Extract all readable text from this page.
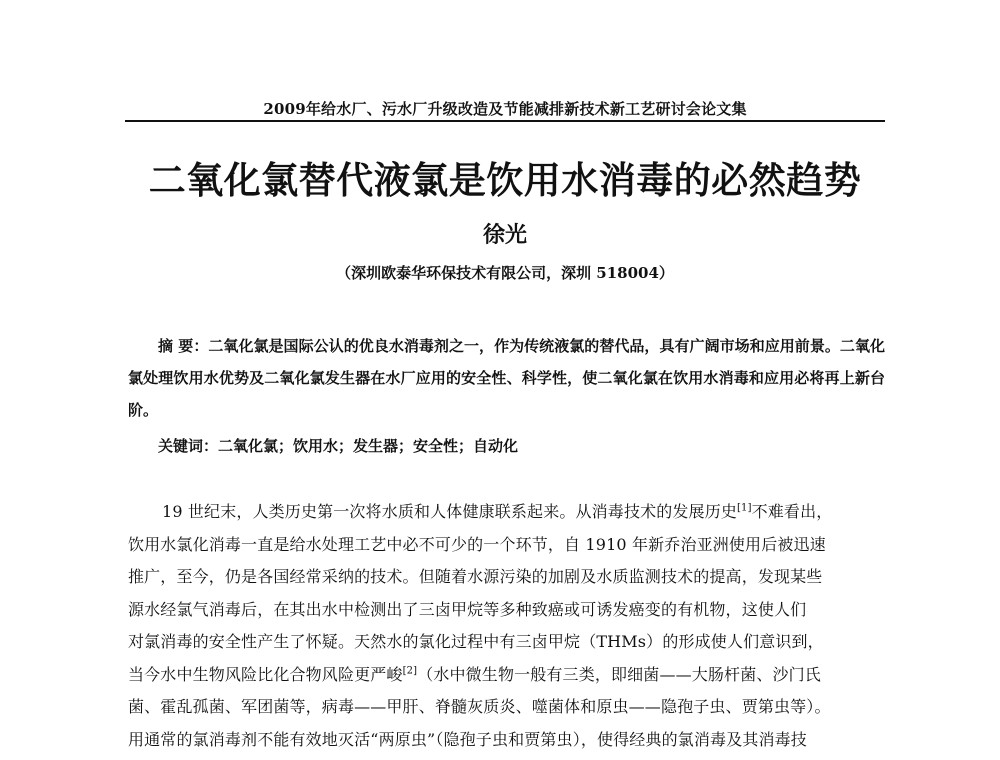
2009年给水厂、污水厂升级改造及节能减排新技术新工艺研讨会论文集
二氧化氯替代液氯是饮用水消毒的必然趋势
徐光
（深圳欧泰华环保技术有限公司，深圳 518004）
摘 要：二氧化氯是国际公认的优良水消毒剂之一，作为传统液氯的替代品，具有广阔市场和应用前景。二氧化氯处理饮用水优势及二氧化氯发生器在水厂应用的安全性、科学性，使二氧化氯在饮用水消毒和应用必将再上新台阶。
关键词：二氧化氯；饮用水；发生器；安全性；自动化
19 世纪末，人类历史第一次将水质和人体健康联系起来。从消毒技术的发展历史[1]不难看出，
饮用水氯化消毒一直是给水处理工艺中必不可少的一个环节，自 1910 年新乔治亚洲使用后被迅速
推广，至今，仍是各国经常采纳的技术。但随着水源污染的加剧及水质监测技术的提高，发现某些
源水经氯气消毒后，在其出水中检测出了三卤甲烷等多种致癌或可诱发癌变的有机物，这使人们
对氯消毒的安全性产生了怀疑。天然水的氯化过程中有三卤甲烷（THMs）的形成使人们意识到，
当今水中生物风险比化合物风险更严峻[2]（水中微生物一般有三类，即细菌——大肠杆菌、沙门氏
菌、霍乱孤菌、军团菌等，病毒——甲肝、脊髓灰质炎、噬菌体和原虫——隐孢子虫、贾第虫等）。
用通常的氯消毒剂不能有效地灭活“两原虫”（隐孢子虫和贾第虫），使得经典的氯消毒及其消毒技
